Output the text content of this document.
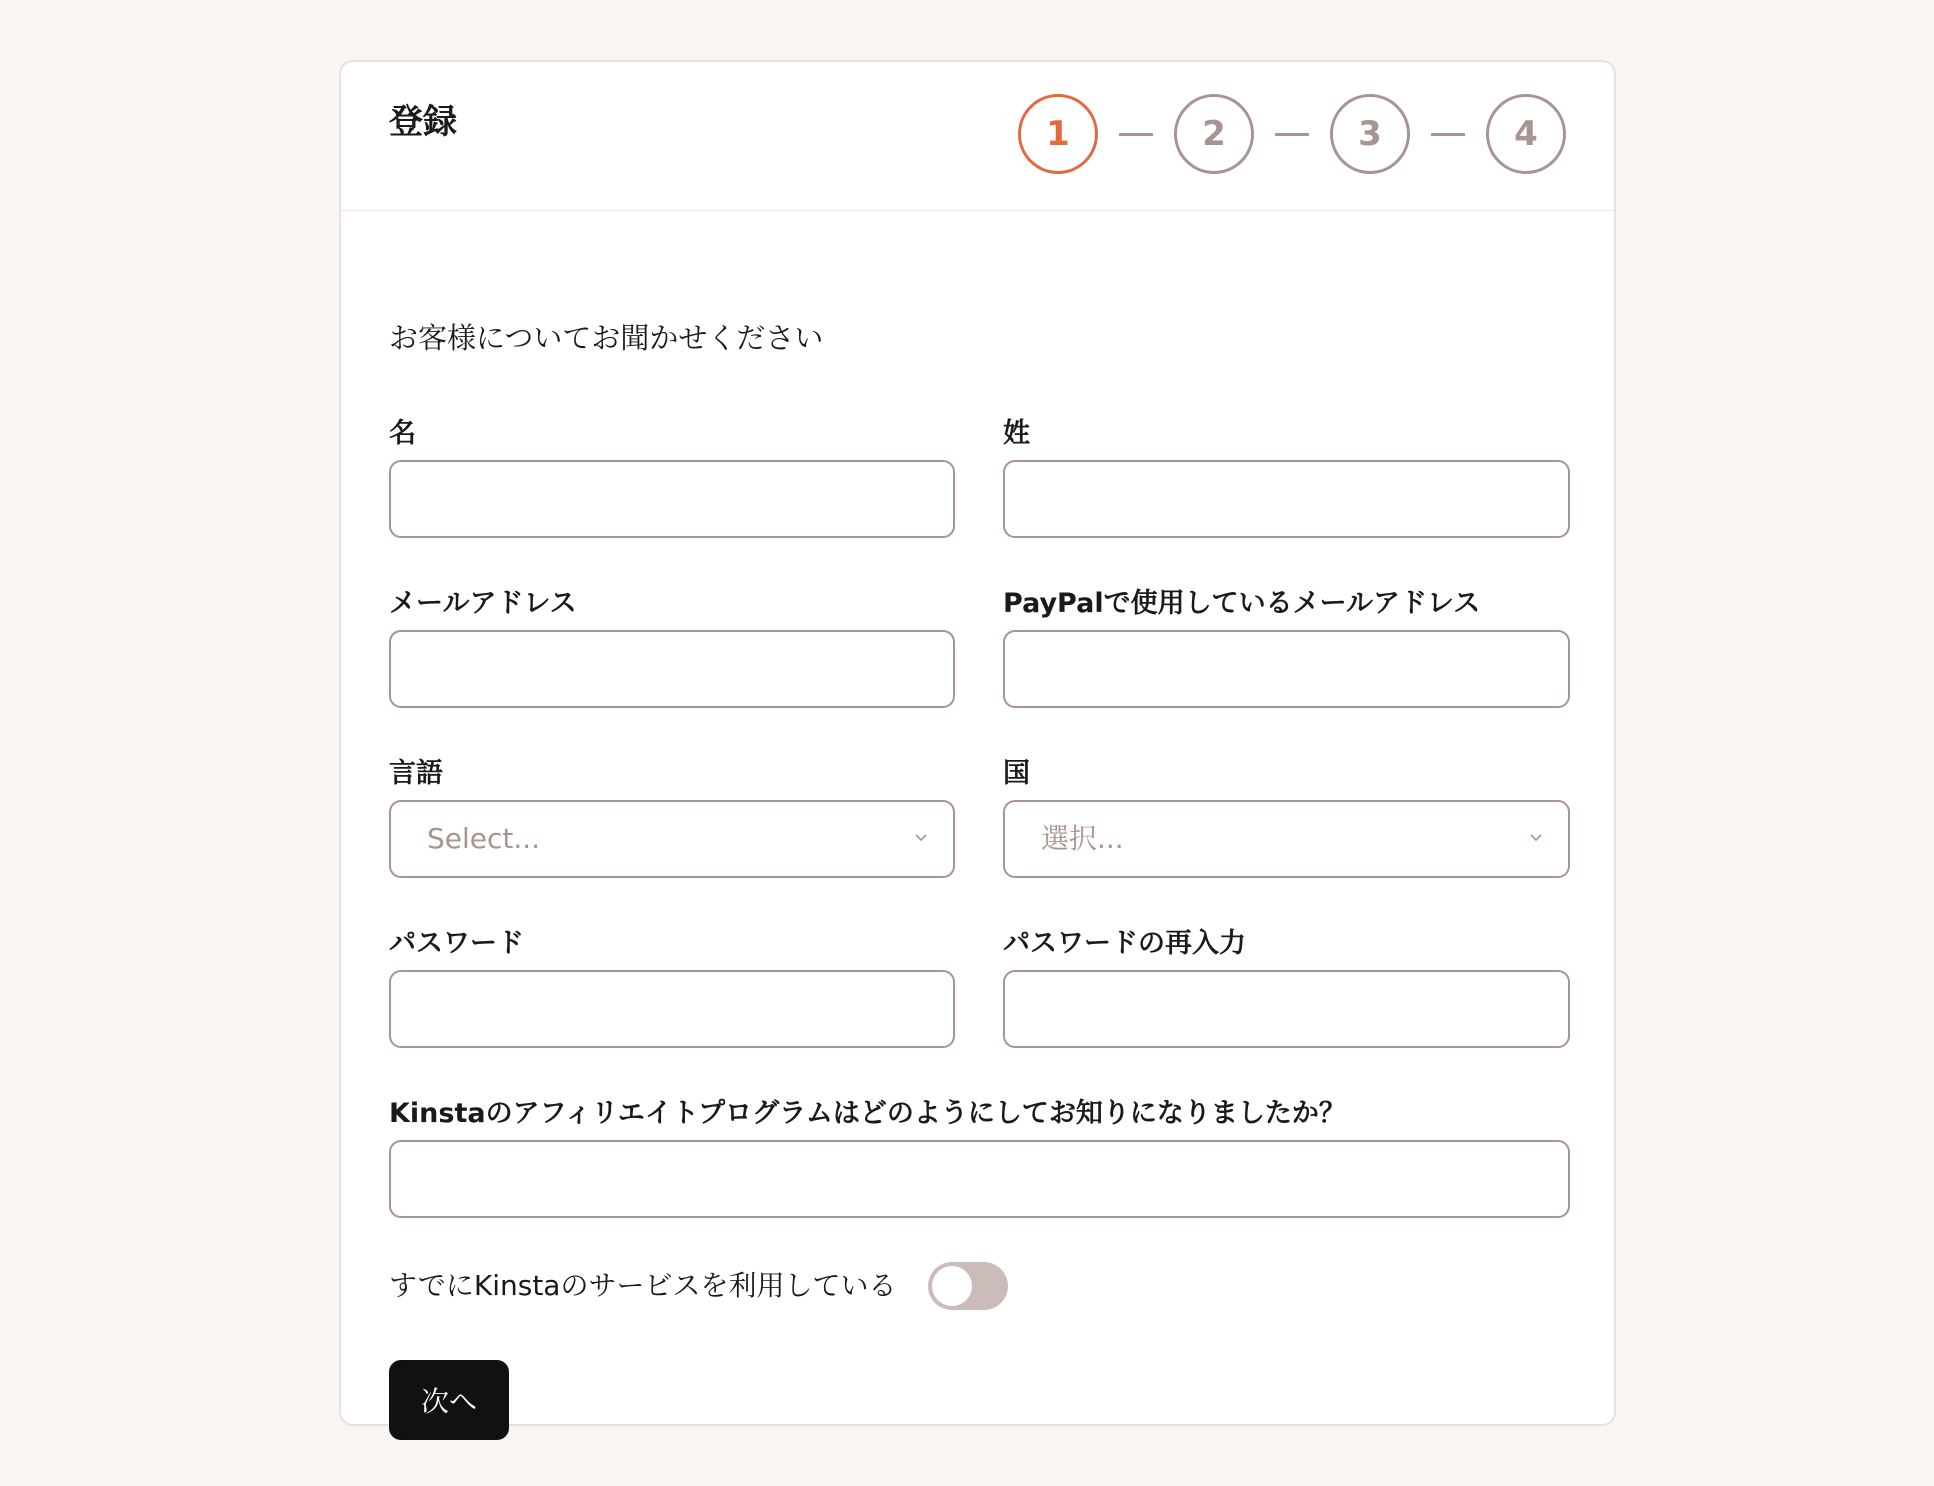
登録	1	2	3	4
お客様についてお聞かせください
名	姓
メールアドレス	PayPalで使用しているメールアドレス
言語
Select...
国
選択...
パスワード	パスワードの再入力
Kinstaのアフィリエイトプログラムはどのようにしてお知りになりましたか？
すでにKinstaのサービスを利用している
次へ
